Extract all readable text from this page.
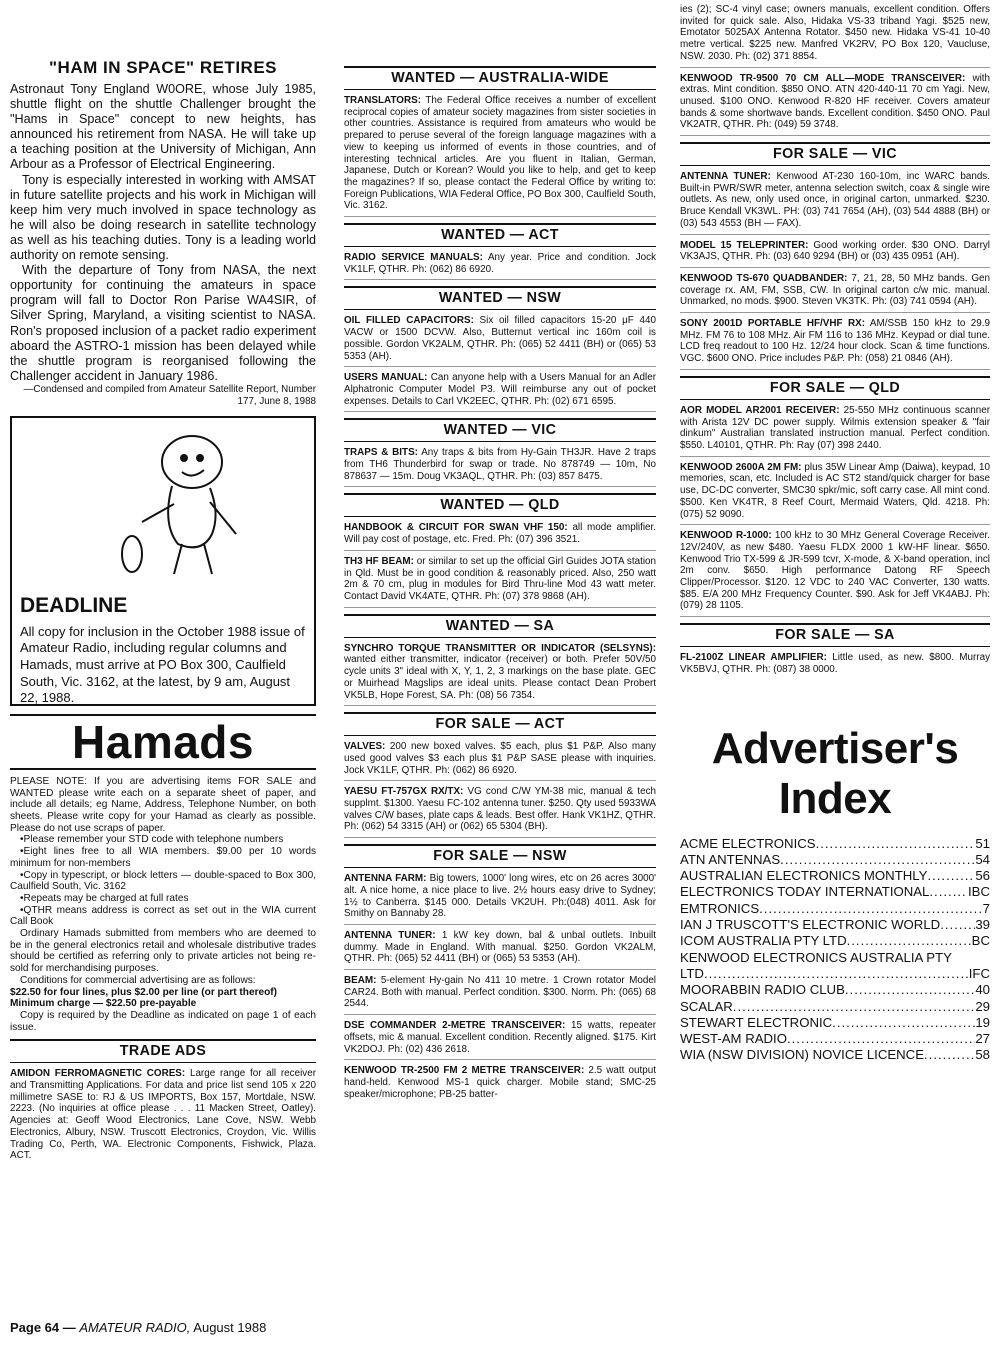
"HAM IN SPACE" RETIRES

Astronaut Tony England W0ORE, whose July 1985, shuttle flight on the shuttle Challenger brought the "Hams in Space" concept to new heights, has announced his retirement from NASA. He will take up a teaching position at the University of Michigan, Ann Arbour as a Professor of Electrical Engineering.

Tony is especially interested in working with AMSAT in future satellite projects and his work in Michigan will keep him very much involved in space technology as he will also be doing research in satellite technology as well as his teaching duties. Tony is a leading world authority on remote sensing.

With the departure of Tony from NASA, the next opportunity for continuing the amateurs in space program will fall to Doctor Ron Parise WA4SIR, of Silver Spring, Maryland, a visiting scientist to NASA. Ron's proposed inclusion of a packet radio experiment aboard the ASTRO-1 mission has been delayed while the shuttle program is reorganised following the Challenger accident in January 1986.

—Condensed and compiled from Amateur Satellite Report, Number 177, June 8, 1988
DEADLINE
All copy for inclusion in the October 1988 issue of Amateur Radio, including regular columns and Hamads, must arrive at PO Box 300, Caulfield South, Vic. 3162, at the latest, by 9 am, August 22, 1988.
Hamads

PLEASE NOTE: If you are advertising items FOR SALE and WANTED please write each on a separate sheet of paper, and include all details; eg Name, Address, Telephone Number, on both sheets. Please write copy for your Hamad as clearly as possible. Please do not use scraps of paper.

• Please remember your STD code with telephone numbers

• Eight lines free to all WIA members. $9.00 per 10 words minimum for non-members

• Copy in typescript, or block letters — double-spaced to Box 300, Caulfield South, Vic. 3162

• Repeats may be charged at full rates

• QTHR means address is correct as set out in the WIA current Call Book

Ordinary Hamads submitted from members who are deemed to be in the general electronics retail and wholesale distributive trades should be certified as referring only to private articles not being re-sold for merchandising purposes.

Conditions for commercial advertising are as follows:

$22.50 for four lines, plus $2.00 per line (or part thereof)

Minimum charge — $22.50 pre-payable

Copy is required by the Deadline as indicated on page 1 of each issue.

TRADE ADS
AMIDON FERROMAGNETIC CORES: Large range for all receiver and Transmitting Applications. For data and price list send 105 x 220 millimetre SASE to: RJ & US IMPORTS, Box 157, Mortdale, NSW. 2223. (No inquiries at office please . . . 11 Macken Street, Oatley). Agencies at: Geoff Wood Electronics, Lane Cove, NSW. Webb Electronics, Albury, NSW. Truscott Electronics, Croydon, Vic. Willis Trading Co, Perth, WA. Electronic Components, Fishwick, Plaza. ACT.
WANTED — AUSTRALIA-WIDE
TRANSLATORS: The Federal Office receives a number of excellent reciprocal copies of amateur society magazines from sister societies in other countries. Assistance is required from amateurs who would be prepared to peruse several of the foreign language magazines with a view to keeping us informed of events in those countries, and of interesting technical articles. Are you fluent in Italian, German, Japanese, Dutch or Korean? Would you like to help, and get to keep the magazines? If so, please contact the Federal Office by writing to: Foreign Publications, WIA Federal Office, PO Box 300, Caulfield South, Vic. 3162.
WANTED — ACT
RADIO SERVICE MANUALS: Any year. Price and condition. Jock VK1LF, QTHR. Ph: (062) 86 6920.
WANTED — NSW
OIL FILLED CAPACITORS: Six oil filled capacitors 15-20 μF 440 VACW or 1500 DCVW. Also, Butternut vertical inc 160m coil is possible. Gordon VK2ALM, QTHR. Ph: (065) 52 4411 (BH) or (065) 53 5353 (AH).
USERS MANUAL: Can anyone help with a Users Manual for an Adler Alphatronic Computer Model P3. Will reimburse any out of pocket expenses. Details to Carl VK2EEC, QTHR. Ph: (02) 671 6595.
WANTED — VIC
TRAPS & BITS: Any traps & bits from Hy-Gain TH3JR. Have 2 traps from TH6 Thunderbird for swap or trade. No 878749 — 10m, No 878637 — 15m. Doug VK3AQL, QTHR. Ph: (03) 857 8475.
WANTED — QLD
HANDBOOK & CIRCUIT FOR SWAN VHF 150: all mode amplifier. Will pay cost of postage, etc. Fred. Ph: (07) 396 3521.
TH3 HF BEAM: or similar to set up the official Girl Guides JOTA station in Qld. Must be in good condition & reasonably priced. Also, 250 watt 2m & 70 cm, plug in modules for Bird Thru-line Mod 43 watt meter. Contact David VK4ATE, QTHR. Ph: (07) 378 9868 (AH).
WANTED — SA
SYNCHRO TORQUE TRANSMITTER OR INDICATOR (SELSYNS): wanted either transmitter, indicator (receiver) or both. Prefer 50V/50 cycle units 3" ideal with X, Y, 1, 2, 3 markings on the base plate. GEC or Muirhead Magslips are ideal units. Please contact Dean Probert VK5LB, Hope Forest, SA. Ph: (08) 56 7354.
FOR SALE — ACT
VALVES: 200 new boxed valves. $5 each, plus $1 P&P. Also many used good valves $3 each plus $1 P&P SASE please with inquiries. Jock VK1LF, QTHR. Ph: (062) 86 6920.
YAESU FT-757GX RX/TX: VG cond C/W YM-38 mic, manual & tech supplmt. $1300. Yaesu FC-102 antenna tuner. $250. Qty used 5933WA valves C/W bases, plate caps & leads. Best offer. Hank VK1HZ, QTHR. Ph: (062) 54 3315 (AH) or (062) 65 5304 (BH).
FOR SALE — NSW
ANTENNA FARM: Big towers, 1000' long wires, etc on 26 acres 3000' alt. A nice home, a nice place to live. 2½ hours easy drive to Sydney; 1½ to Canberra. $145 000. Details VK2UH. Ph:(048) 4011. Ask for Smithy on Bannaby 28.
ANTENNA TUNER: 1 kW key down, bal & unbal outlets. Inbuilt dummy. Made in England. With manual. $250. Gordon VK2ALM, QTHR. Ph: (065) 52 4411 (BH) or (065) 53 5353 (AH).
BEAM: 5-element Hy-gain No 411 10 metre. 1 Crown rotator Model CAR24. Both with manual. Perfect condition. $300. Norm. Ph: (065) 68 2544.
DSE COMMANDER 2-METRE TRANSCEIVER: 15 watts, repeater offsets, mic & manual. Excellent condition. Recently aligned. $175. Kirt VK2DOJ. Ph: (02) 436 2618.
KENWOOD TR-2500 FM 2 METRE TRANSCEIVER: 2.5 watt output hand-held. Kenwood MS-1 quick charger. Mobile stand; SMC-25 speaker/microphone; PB-25 batter-
ies (2); SC-4 vinyl case; owners manuals, excellent condition. Offers invited for quick sale. Also, Hidaka VS-33 triband Yagi. $525 new, Emotator 5025AX Antenna Rotator. $450 new. Hidaka VS-41 10-40 metre vertical. $225 new. Manfred VK2RV, PO Box 120, Vaucluse, NSW. 2030. Ph: (02) 371 8854.
KENWOOD TR-9500 70 CM ALL—MODE TRANSCEIVER: with extras. Mint condition. $850 ONO. ATN 420-440-11 70 cm Yagi. New, unused. $100 ONO. Kenwood R-820 HF receiver. Covers amateur bands & some shortwave bands. Excellent condition. $450 ONO. Paul VK2ATR, QTHR. Ph: (049) 59 3748.
FOR SALE — VIC
ANTENNA TUNER: Kenwood AT-230 160-10m, inc WARC bands. Built-in PWR/SWR meter, antenna selection switch, coax & single wire outlets. As new, only used once, in original carton, unmarked. $230. Bruce Kendall VK3WL. PH: (03) 741 7654 (AH), (03) 544 4888 (BH) or (03) 543 4553 (BH — FAX).
MODEL 15 TELEPRINTER: Good working order. $30 ONO. Darryl VK3AJS, QTHR. Ph: (03) 640 9294 (BH) or (03) 435 0951 (AH).
KENWOOD TS-670 QUADBANDER: 7, 21, 28, 50 MHz bands. Gen coverage rx. AM, FM, SSB, CW. In original carton c/w mic. manual. Unmarked, no mods. $900. Steven VK3TK. Ph: (03) 741 0594 (AH).
SONY 2001D PORTABLE HF/VHF RX: AM/SSB 150 kHz to 29.9 MHz. FM 76 to 108 MHz. Air FM 116 to 136 MHz. Keypad or dial tune. LCD freq readout to 100 Hz. 12/24 hour clock. Scan & time functions. VGC. $600 ONO. Price includes P&P. Ph: (058) 21 0846 (AH).
FOR SALE — QLD
AOR MODEL AR2001 RECEIVER: 25-550 MHz continuous scanner with Arista 12V DC power supply. Wilmis extension speaker & "fair dinkum" Australian translated instruction manual. Perfect condition. $550. L40101, QTHR. Ph: Ray (07) 398 2440.
KENWOOD 2600A 2M FM: plus 35W Linear Amp (Daiwa), keypad, 10 memories, scan, etc. Included is AC ST2 stand/quick charger for base use, DC-DC converter, SMC30 spkr/mic, soft carry case. All mint cond. $500. Ken VK4TR, 8 Reef Court, Mermaid Waters, Qld. 4218. Ph: (075) 52 9090.
KENWOOD R-1000: 100 kHz to 30 MHz General Coverage Receiver. 12V/240V, as new $480. Yaesu FLDX 2000 1 kW-HF linear. $650. Kenwood Trio TX-599 & JR-599 tcvr, X-mode, & X-band operation, incl 2m conv. $650. High performance Datong RF Speech Clipper/Processor. $120. 12 VDC to 240 VAC Converter, 130 watts. $85. E/A 200 MHz Frequency Counter. $90. Ask for Jeff VK4ABJ. Ph: (079) 28 1105.
FOR SALE — SA
FL-2100Z LINEAR AMPLIFIER: Little used, as new. $800. Murray VK5BVJ, QTHR. Ph: (087) 38 0000.
Advertiser's
Index
ACME ELECTRONICS .....	51
ATN ANTENNAS .....	54
AUSTRALIAN ELECTRONICS MONTHLY .....	56
ELECTRONICS TODAY INTERNATIONAL .....	IBC
EMTRONICS .....	7
IAN J TRUSCOTT'S ELECTRONIC WORLD .....	39
ICOM AUSTRALIA PTY LTD .....	BC
KENWOOD ELECTRONICS AUSTRALIA PTY
LTD .....	IFC
MOORABBIN RADIO CLUB .....	40
SCALAR .....	29
STEWART ELECTRONIC .....	19
WEST-AM RADIO .....	27
WIA (NSW DIVISION) NOVICE LICENCE .....	58
Page 64 — AMATEUR RADIO, August 1988
